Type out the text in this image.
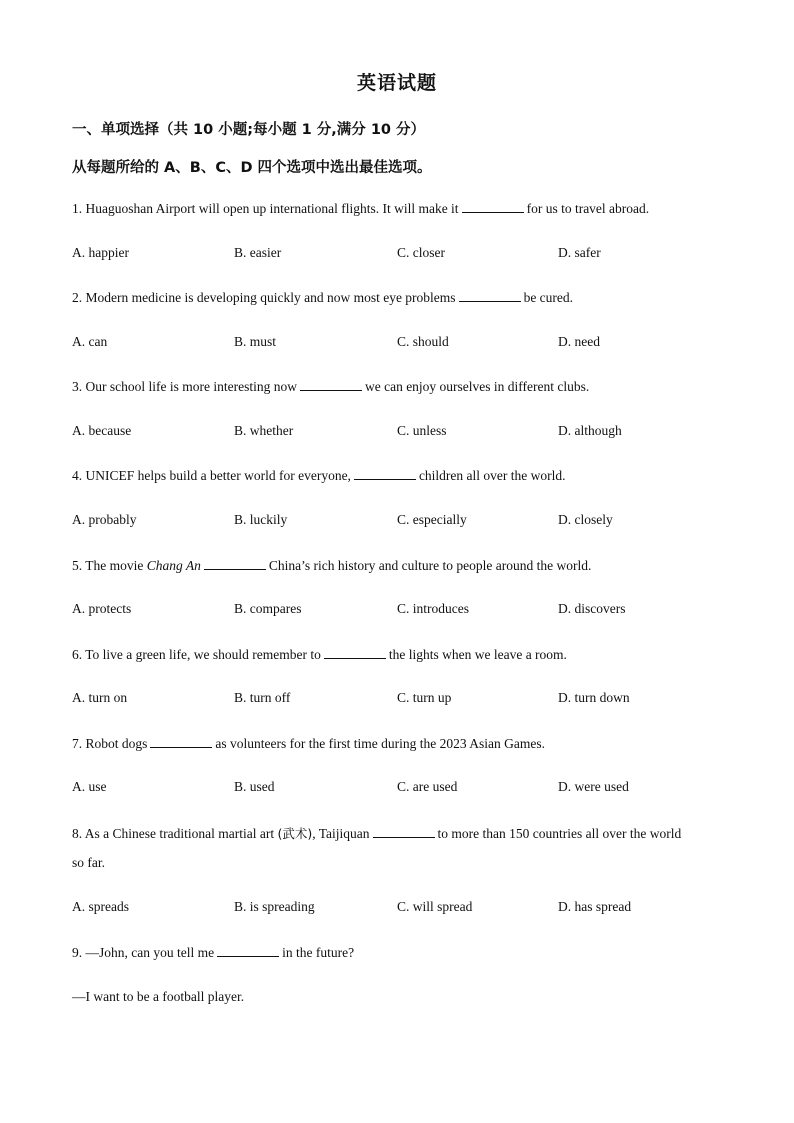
英语试题
一、单项选择（共 10 小题;每小题 1 分,满分 10 分）
从每题所给的 A、B、C、D 四个选项中选出最佳选项。
1. Huaguoshan Airport will open up international flights. It will make it	for us to travel abroad.
A. happier	B. easier	C. closer	D. safer
2. Modern medicine is developing quickly and now most eye problems	be cured.
A. can	B. must	C. should	D. need
3. Our school life is more interesting now	we can enjoy ourselves in different clubs.
A. because	B. whether	C. unless	D. although
4. UNICEF helps build a better world for everyone,	children all over the world.
A. probably	B. luckily	C. especially	D. closely
5. The movie Chang An	China’s rich history and culture to people around the world.
A. protects	B. compares	C. introduces	D. discovers
6. To live a green life, we should remember to	the lights when we leave a room.
A. turn on	B. turn off	C. turn up	D. turn down
7. Robot dogs	as volunteers for the first time during the 2023 Asian Games.
A. use	B. used	C. are used	D. were used
8. As a Chinese traditional martial art (武术), Taijiquan	to more than 150 countries all over the world
so far.
A. spreads	B. is spreading	C. will spread	D. has spread
9. —John, can you tell me	in the future?
—I want to be a football player.
